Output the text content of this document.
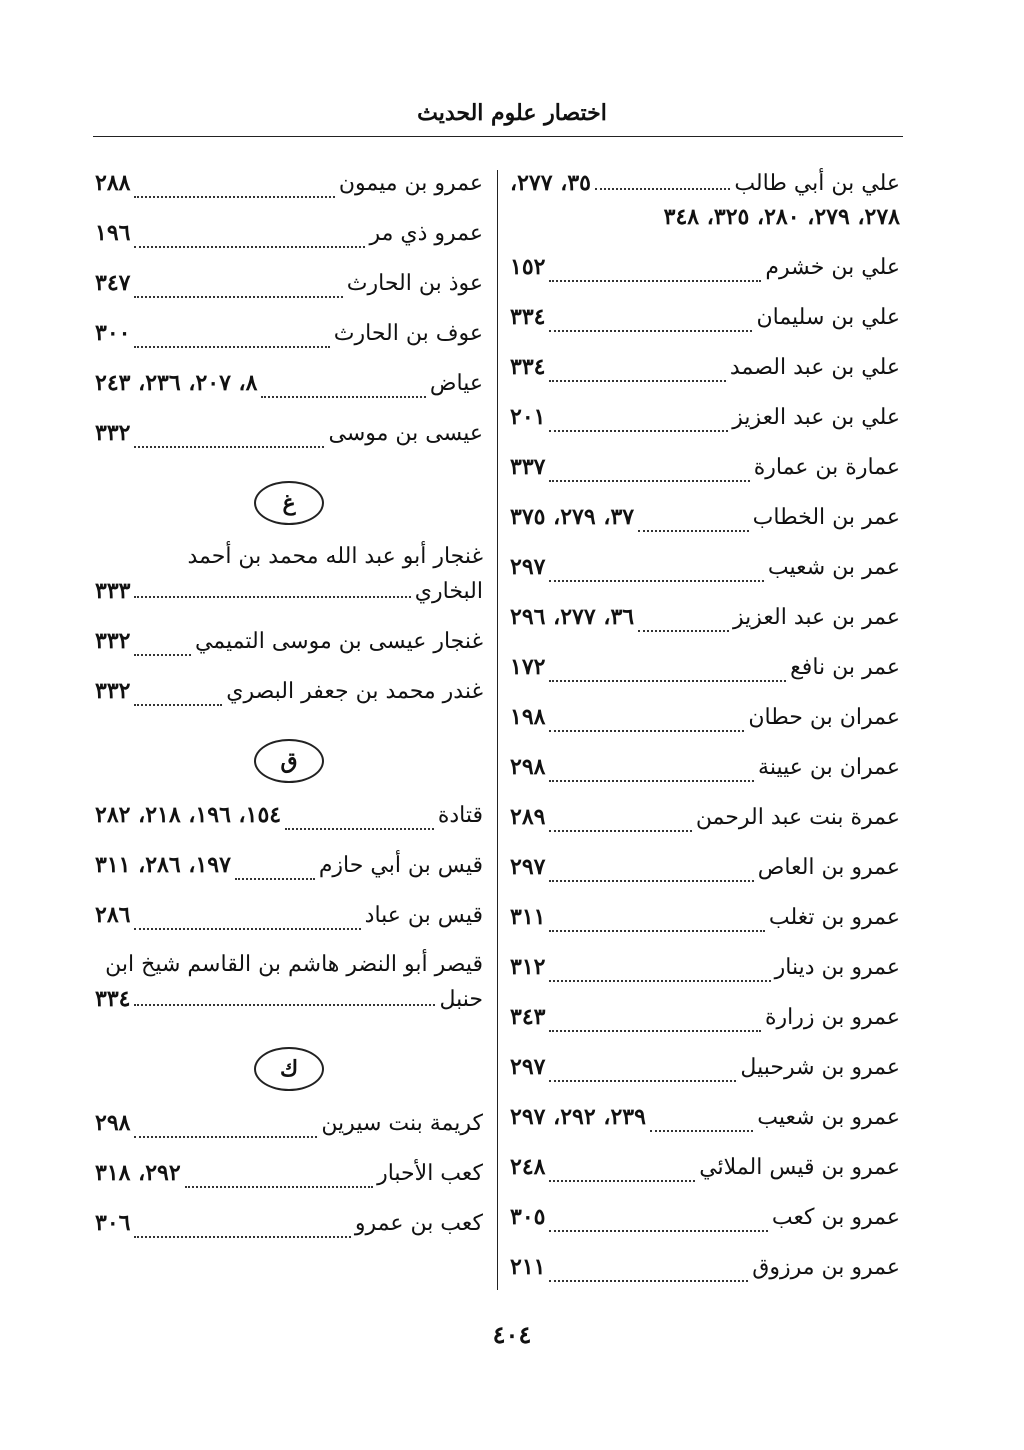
اختصار علوم الحديث
علي بن أبي طالب
٣٥، ٢٧٧،
٢٧٨، ٢٧٩، ٢٨٠، ٣٢٥، ٣٤٨
علي بن خشرم
١٥٢
علي بن سليمان
٣٣٤
علي بن عبد الصمد
٣٣٤
علي بن عبد العزيز
٢٠١
عمارة بن عمارة
٣٣٧
عمر بن الخطاب
٣٧، ٢٧٩، ٣٧٥
عمر بن شعيب
٢٩٧
عمر بن عبد العزيز
٣٦، ٢٧٧، ٢٩٦
عمر بن نافع
١٧٢
عمران بن حطان
١٩٨
عمران بن عيينة
٢٩٨
عمرة بنت عبد الرحمن
٢٨٩
عمرو بن العاص
٢٩٧
عمرو بن تغلب
٣١١
عمرو بن دينار
٣١٢
عمرو بن زرارة
٣٤٣
عمرو بن شرحبيل
٢٩٧
عمرو بن شعيب
٢٣٩، ٢٩٢، ٢٩٧
عمرو بن قيس الملائي
٢٤٨
عمرو بن كعب
٣٠٥
عمرو بن مرزوق
٢١١
عمرو بن ميمون
٢٨٨
عمرو ذي مر
١٩٦
عوذ بن الحارث
٣٤٧
عوف بن الحارث
٣٠٠
عياض
٨، ٢٠٧، ٢٣٦، ٢٤٣
عيسى بن موسى
٣٣٢
غ
غنجار أبو عبد الله محمد بن أحمد
البخاري
٣٣٣
غنجار عيسى بن موسى التميمي
٣٣٢
غندر محمد بن جعفر البصري
٣٣٢
ق
قتادة
١٥٤، ١٩٦، ٢١٨، ٢٨٢
قيس بن أبي حازم
١٩٧، ٢٨٦، ٣١١
قيس بن عباد
٢٨٦
قيصر أبو النضر هاشم بن القاسم شيخ ابن
حنبل
٣٣٤
ك
كريمة بنت سيرين
٢٩٨
كعب الأحبار
٢٩٢، ٣١٨
كعب بن عمرو
٣٠٦
٤٠٤
